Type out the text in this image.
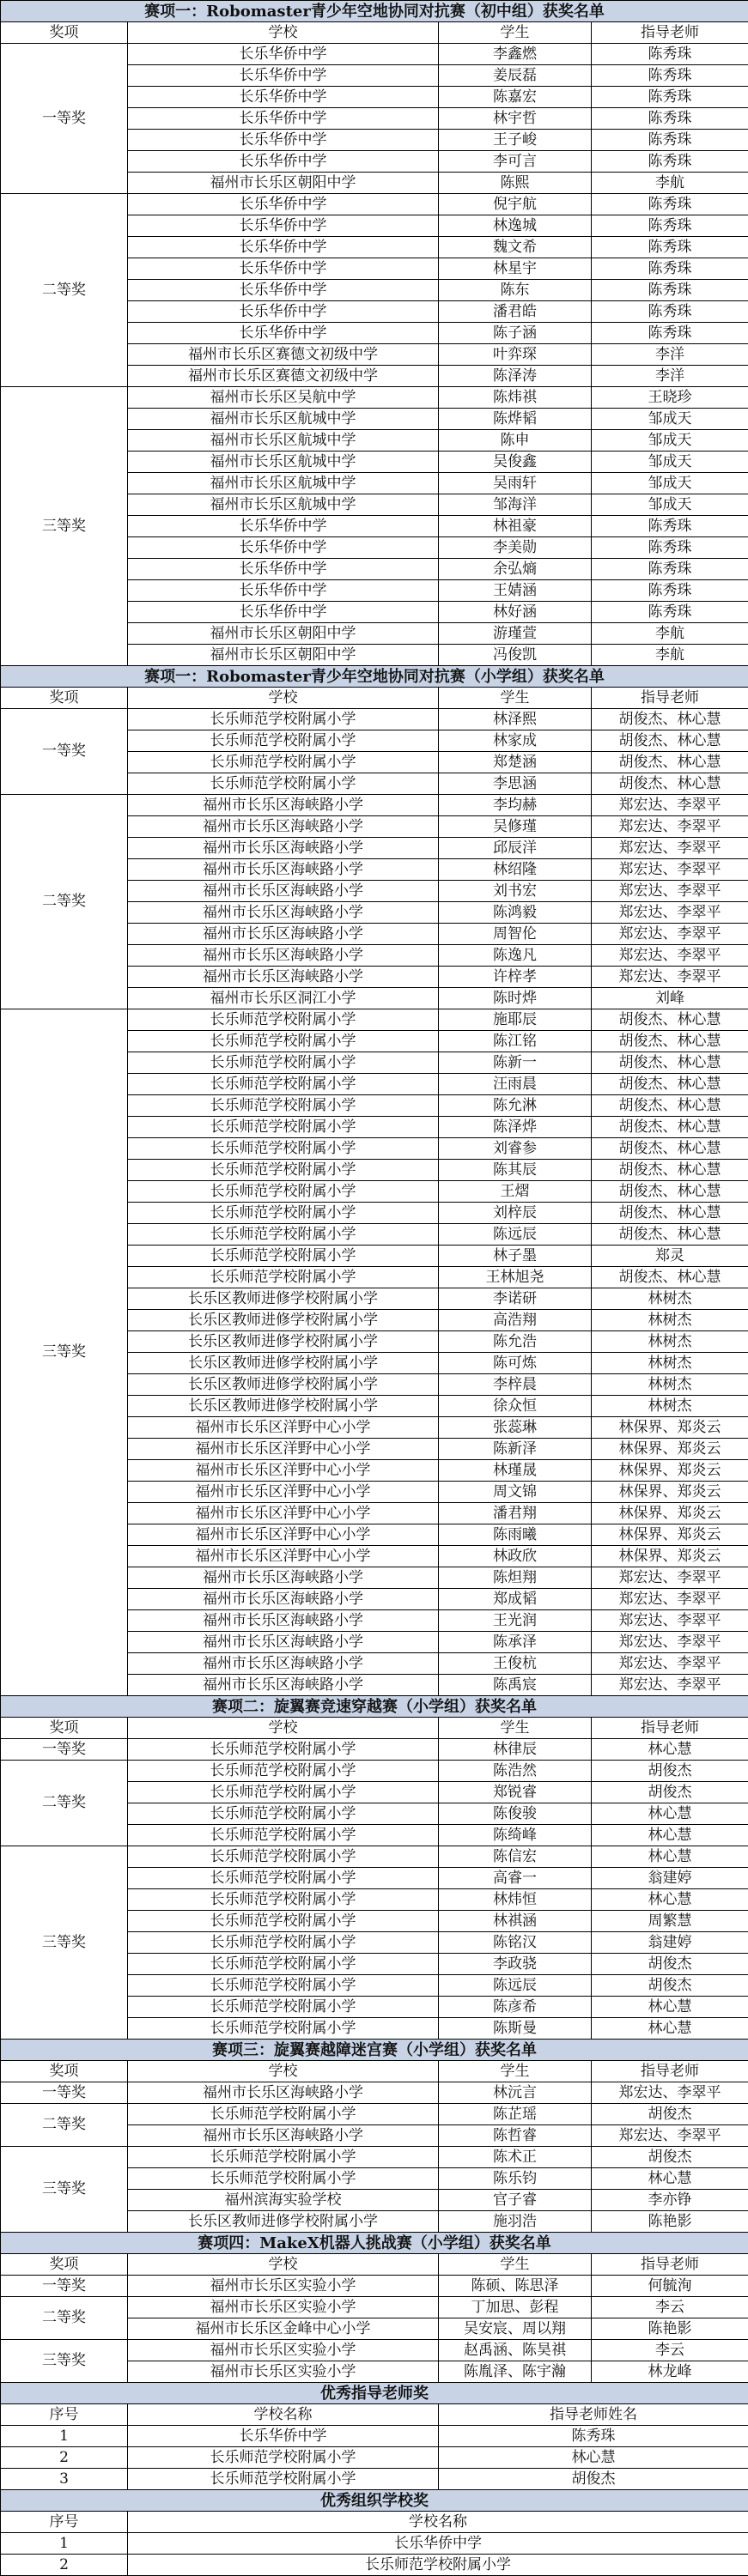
赛项一：Robomaster青少年空地协同对抗赛（初中组）获奖名单			
奖项	学校	学生	指导老师
一等奖	长乐华侨中学	李鑫燃	陈秀珠
	长乐华侨中学	姜辰磊	陈秀珠
	长乐华侨中学	陈嘉宏	陈秀珠
	长乐华侨中学	林宇哲	陈秀珠
	长乐华侨中学	王子峻	陈秀珠
	长乐华侨中学	李可言	陈秀珠
	福州市长乐区朝阳中学	陈熙	李航
二等奖	长乐华侨中学	倪宇航	陈秀珠
	长乐华侨中学	林逸城	陈秀珠
	长乐华侨中学	魏文希	陈秀珠
	长乐华侨中学	林星宇	陈秀珠
	长乐华侨中学	陈东	陈秀珠
	长乐华侨中学	潘君皓	陈秀珠
	长乐华侨中学	陈子涵	陈秀珠
	福州市长乐区赛德文初级中学	叶弈琛	李洋
	福州市长乐区赛德文初级中学	陈泽涛	李洋
三等奖	福州市长乐区吴航中学	陈炜祺	王晓珍
	福州市长乐区航城中学	陈烨韬	邹成天
	福州市长乐区航城中学	陈申	邹成天
	福州市长乐区航城中学	吴俊鑫	邹成天
	福州市长乐区航城中学	吴雨轩	邹成天
	福州市长乐区航城中学	邹海洋	邹成天
	长乐华侨中学	林祖豪	陈秀珠
	长乐华侨中学	李美勋	陈秀珠
	长乐华侨中学	余弘熵	陈秀珠
	长乐华侨中学	王婧涵	陈秀珠
	长乐华侨中学	林好涵	陈秀珠
	福州市长乐区朝阳中学	游瑾萱	李航
	福州市长乐区朝阳中学	冯俊凯	李航
赛项一：Robomaster青少年空地协同对抗赛（小学组）获奖名单			
奖项	学校	学生	指导老师
一等奖	长乐师范学校附属小学	林泽熙	胡俊杰、林心慧
	长乐师范学校附属小学	林家成	胡俊杰、林心慧
	长乐师范学校附属小学	郑楚涵	胡俊杰、林心慧
	长乐师范学校附属小学	李思涵	胡俊杰、林心慧
二等奖	福州市长乐区海峡路小学	李均赫	郑宏达、李翠平
	福州市长乐区海峡路小学	吴修瑾	郑宏达、李翠平
	福州市长乐区海峡路小学	邱辰洋	郑宏达、李翠平
	福州市长乐区海峡路小学	林绍隆	郑宏达、李翠平
	福州市长乐区海峡路小学	刘书宏	郑宏达、李翠平
	福州市长乐区海峡路小学	陈鸿毅	郑宏达、李翠平
	福州市长乐区海峡路小学	周智伦	郑宏达、李翠平
	福州市长乐区海峡路小学	陈逸凡	郑宏达、李翠平
	福州市长乐区海峡路小学	许梓孝	郑宏达、李翠平
	福州市长乐区洞江小学	陈时烨	刘峰
三等奖	长乐师范学校附属小学	施耶辰	胡俊杰、林心慧
	长乐师范学校附属小学	陈江铭	胡俊杰、林心慧
	长乐师范学校附属小学	陈新一	胡俊杰、林心慧
	长乐师范学校附属小学	汪雨晨	胡俊杰、林心慧
	长乐师范学校附属小学	陈允淋	胡俊杰、林心慧
	长乐师范学校附属小学	陈泽烨	胡俊杰、林心慧
	长乐师范学校附属小学	刘睿参	胡俊杰、林心慧
	长乐师范学校附属小学	陈其辰	胡俊杰、林心慧
	长乐师范学校附属小学	王熠	胡俊杰、林心慧
	长乐师范学校附属小学	刘梓辰	胡俊杰、林心慧
	长乐师范学校附属小学	陈远辰	胡俊杰、林心慧
	长乐师范学校附属小学	林子墨	郑灵
	长乐师范学校附属小学	王林旭尧	胡俊杰、林心慧
	长乐区教师进修学校附属小学	李诺研	林树杰
	长乐区教师进修学校附属小学	高浩翔	林树杰
	长乐区教师进修学校附属小学	陈允浩	林树杰
	长乐区教师进修学校附属小学	陈可炼	林树杰
	长乐区教师进修学校附属小学	李梓晨	林树杰
	长乐区教师进修学校附属小学	徐众恒	林树杰
	福州市长乐区洋野中心小学	张蕊琳	林保界、郑炎云
	福州市长乐区洋野中心小学	陈新泽	林保界、郑炎云
	福州市长乐区洋野中心小学	林瑾晟	林保界、郑炎云
	福州市长乐区洋野中心小学	周文锦	林保界、郑炎云
	福州市长乐区洋野中心小学	潘君翔	林保界、郑炎云
	福州市长乐区洋野中心小学	陈雨曦	林保界、郑炎云
	福州市长乐区洋野中心小学	林政欣	林保界、郑炎云
	福州市长乐区海峡路小学	陈炟翔	郑宏达、李翠平
	福州市长乐区海峡路小学	郑成韬	郑宏达、李翠平
	福州市长乐区海峡路小学	王光润	郑宏达、李翠平
	福州市长乐区海峡路小学	陈承泽	郑宏达、李翠平
	福州市长乐区海峡路小学	王俊杭	郑宏达、李翠平
	福州市长乐区海峡路小学	陈禹宸	郑宏达、李翠平
赛项二：旋翼赛竞速穿越赛（小学组）获奖名单			
奖项	学校	学生	指导老师
一等奖	长乐师范学校附属小学	林律辰	林心慧
二等奖	长乐师范学校附属小学	陈浩然	胡俊杰
	长乐师范学校附属小学	郑锐睿	胡俊杰
	长乐师范学校附属小学	陈俊骏	林心慧
	长乐师范学校附属小学	陈绮峰	林心慧
三等奖	长乐师范学校附属小学	陈信宏	林心慧
	长乐师范学校附属小学	高睿一	翁建婷
	长乐师范学校附属小学	林炜恒	林心慧
	长乐师范学校附属小学	林祺涵	周繁慧
	长乐师范学校附属小学	陈铭汉	翁建婷
	长乐师范学校附属小学	李政骁	胡俊杰
	长乐师范学校附属小学	陈远辰	胡俊杰
	长乐师范学校附属小学	陈彦希	林心慧
	长乐师范学校附属小学	陈斯曼	林心慧
赛项三：旋翼赛越障迷宫赛（小学组）获奖名单			
奖项	学校	学生	指导老师
一等奖	福州市长乐区海峡路小学	林沅言	郑宏达、李翠平
二等奖	长乐师范学校附属小学	陈芷瑶	胡俊杰
	福州市长乐区海峡路小学	陈哲睿	郑宏达、李翠平
三等奖	长乐师范学校附属小学	陈术正	胡俊杰
	长乐师范学校附属小学	陈乐钧	林心慧
	福州滨海实验学校	官子睿	李亦铮
	长乐区教师进修学校附属小学	施羽浩	陈艳影
赛项四：MakeX机器人挑战赛（小学组）获奖名单			
奖项	学校	学生	指导老师
一等奖	福州市长乐区实验小学	陈硕、陈思泽	何毓洵
二等奖	福州市长乐区实验小学	丁加思、彭程	李云
	福州市长乐区金峰中心小学	吴安宸、周以翔	陈艳影
三等奖	福州市长乐区实验小学	赵禹涵、陈昊祺	李云
	福州市长乐区实验小学	陈胤泽、陈宇瀚	林龙峰
优秀指导老师奖			
序号	学校名称	指导老师姓名	
1	长乐华侨中学	陈秀珠	
2	长乐师范学校附属小学	林心慧	
3	长乐师范学校附属小学	胡俊杰	
优秀组织学校奖			
序号	学校名称		
1	长乐华侨中学		
2	长乐师范学校附属小学		
